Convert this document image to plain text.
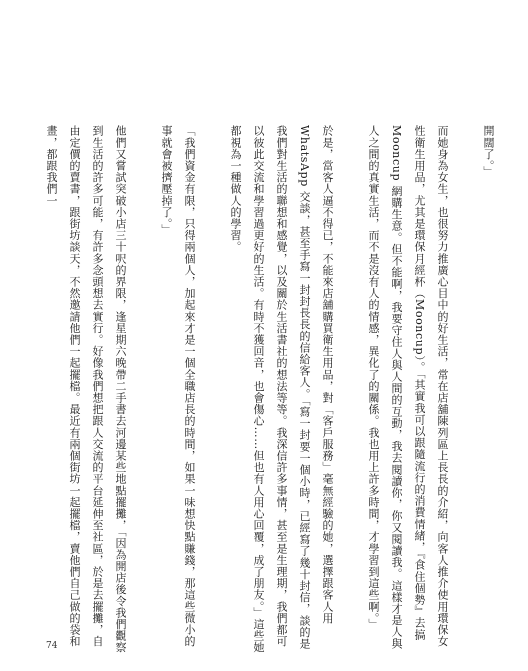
開闊了。」

而她身為女生，也很努力推廣心目中的好生活，常在店舖陳列區上長長的介紹，向客人推介使用環保女性衛生用品，尤其是環保月經杯（Mooncup）。「其實我可以跟隨流行的消費情緒，『食住個勢』去搞 Mooncup 網購生意。但不能啊，我要守住人與人間的互動，我去閱讀你，你又閱讀我。這樣才是人與人之間的真實生活，而不是沒有人的情感，異化了的關係。我也用上許多時間，才學習到這些啊。」

於是，當客人逼不得已，不能來店舖購買衛生用品，對「客戶服務」毫無經驗的她，選擇跟客人用 WhatsApp 交談，甚至手寫一封封長長的信給客人。「寫一封要一個小時，已經寫了幾十封信，談的是我們對生活的聯想和感覺，以及關於生活書社的想法等等。我深信許多事情，甚至是生理期，我們都可以彼此交流和學習過更好的生活。有時不獲回音，也會傷心……但也有人用心回覆，成了朋友。」這些她都視為一種做人的學習。

「我們資金有限，只得兩個人，加起來才是一個全職店長的時間，如果一味想快點賺錢，那這些微小的事就會被擠壓掉了。」

他們又嘗試突破小店三十呎的界限，逢星期六晚帶二手書去河邊某些地點擺攤，「因為開店後令我們觀察到生活的許多可能，有許多念頭想去實行。好像我們想把跟人交流的平台延伸至社區，於是去擺攤，自由定價的賣書，跟街坊談天，不然邀請他們一起擺檔。最近有兩個街坊一起擺檔，賣他們自己做的袋和畫，都跟我們一

74
